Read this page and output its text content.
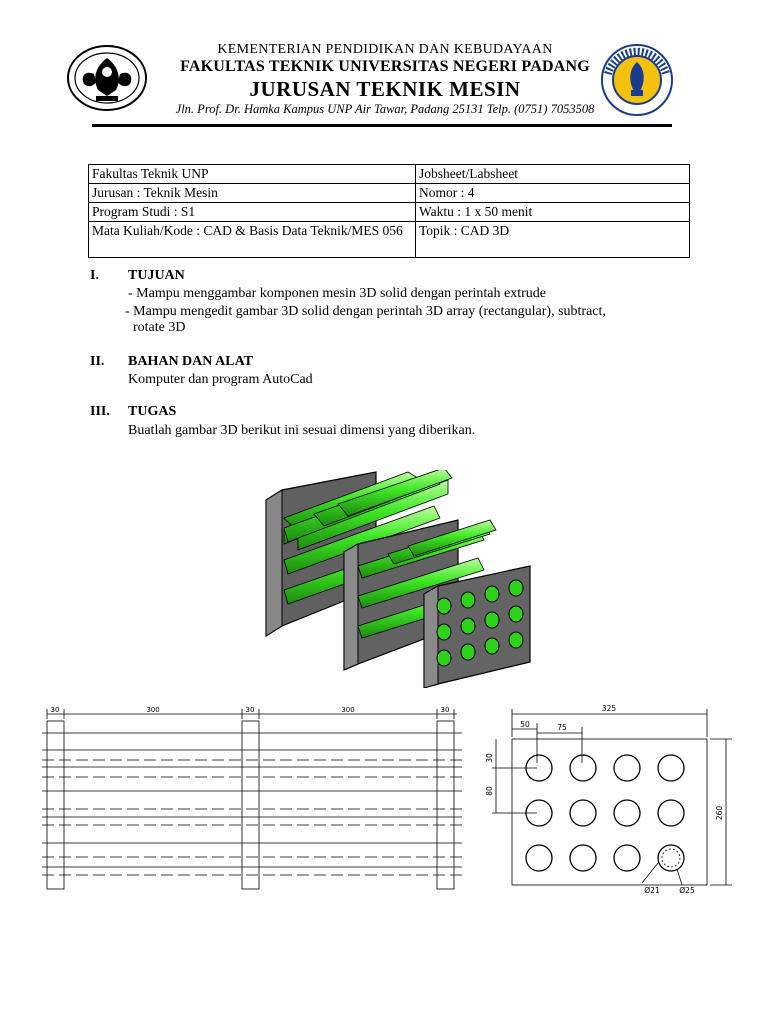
KEMENTERIAN PENDIDIKAN DAN KEBUDAYAAN
FAKULTAS TEKNIK UNIVERSITAS NEGERI PADANG
JURUSAN TEKNIK MESIN
Jln. Prof. Dr. Hamka Kampus UNP Air Tawar, Padang 25131 Telp. (0751) 7053508
Fakultas Teknik UNP	Jobsheet/Labsheet
Jurusan : Teknik Mesin	Nomor : 4
Program Studi : S1	Waktu : 1 x 50 menit
Mata Kuliah/Kode : CAD & Basis Data Teknik/MES 056	Topik : CAD 3D
I. TUJUAN
- Mampu menggambar komponen mesin 3D solid dengan perintah extrude
- Mampu mengedit gambar 3D solid dengan perintah 3D array (rectangular), subtract,
rotate 3D
II. BAHAN DAN ALAT
Komputer dan program AutoCad
III. TUGAS
Buatlah gambar 3D berikut ini sesuai dimensi yang diberikan.
30	300	30	300	30	325
50	75
30
80
260
Ø21	Ø25
